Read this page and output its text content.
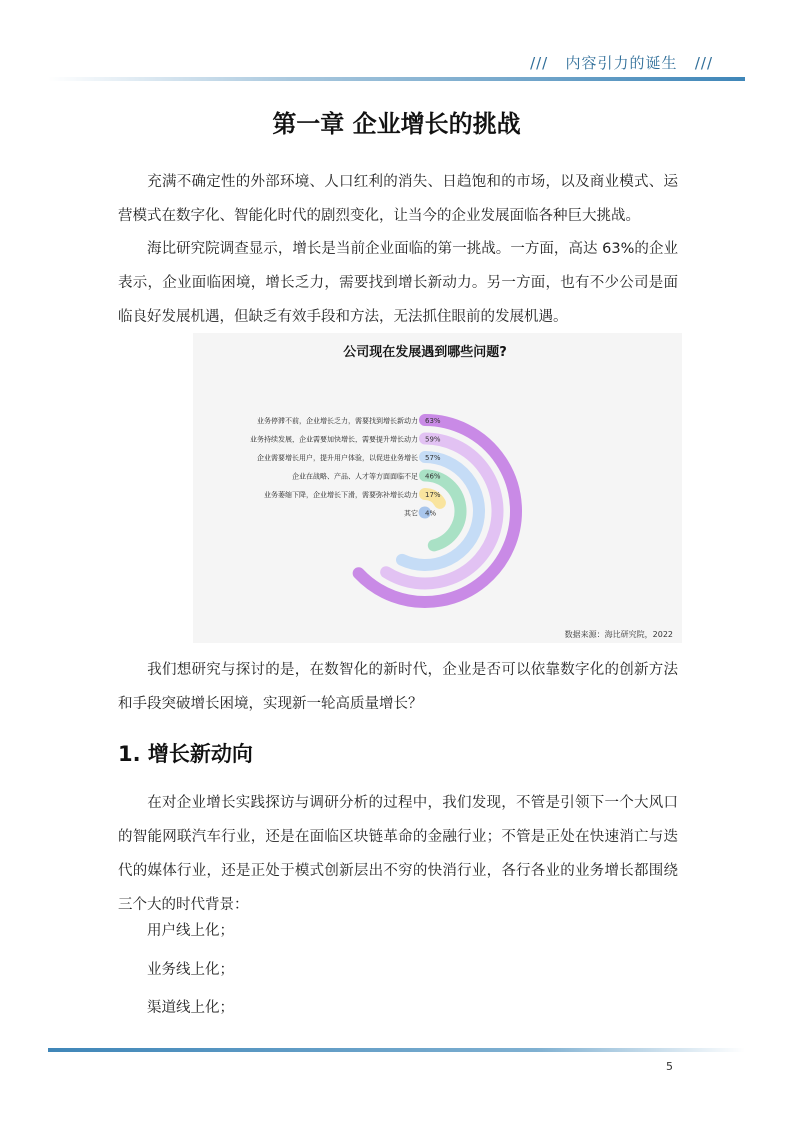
///   内容引力的诞生   ///
第一章 企业增长的挑战
充满不确定性的外部环境、人口红利的消失、日趋饱和的市场，以及商业模式、运营模式在数字化、智能化时代的剧烈变化，让当今的企业发展面临各种巨大挑战。
海比研究院调查显示，增长是当前企业面临的第一挑战。一方面，高达 63%的企业表示，企业面临困境，增长乏力，需要找到增长新动力。另一方面，也有不少公司是面临良好发展机遇，但缺乏有效手段和方法，无法抓住眼前的发展机遇。
公司现在发展遇到哪些问题?
业务停滞不前，企业增长乏力，需要找到增长新动力 63%
业务持续发展，企业需要加快增长，需要提升增长动力 59%
企业需要增长用户，提升用户体验，以促进业务增长 57%
企业在战略、产品、人才等方面面临不足 46%
业务萎缩下降，企业增长下滑，需要弥补增长动力 17%
其它 4%
数据来源：海比研究院，2022
我们想研究与探讨的是，在数智化的新时代，企业是否可以依靠数字化的创新方法和手段突破增长困境，实现新一轮高质量增长？
1. 增长新动向
在对企业增长实践探访与调研分析的过程中，我们发现，不管是引领下一个大风口的智能网联汽车行业，还是在面临区块链革命的金融行业；不管是正处在快速消亡与迭代的媒体行业，还是正处于模式创新层出不穷的快消行业，各行各业的业务增长都围绕三个大的时代背景：
用户线上化；
业务线上化；
渠道线上化；
5
